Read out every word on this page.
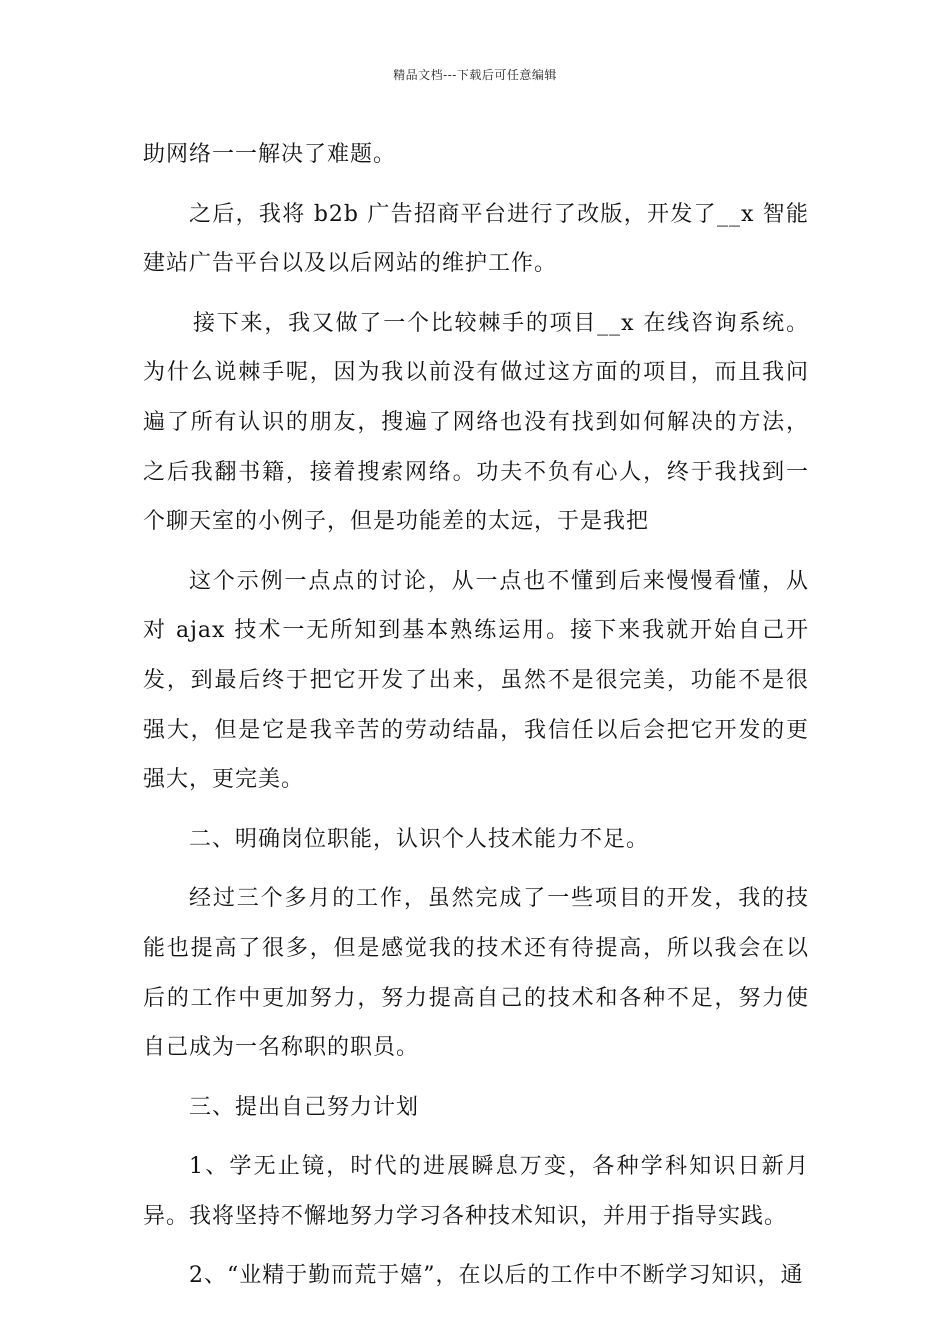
精品文档---下载后可任意编辑

助网络一一解决了难题。

之后，我将 b2b 广告招商平台进行了改版，开发了__x 智能建站广告平台以及以后网站的维护工作。

接下来，我又做了一个比较棘手的项目__x 在线咨询系统。为什么说棘手呢，因为我以前没有做过这方面的项目，而且我问遍了所有认识的朋友，搜遍了网络也没有找到如何解决的方法，之后我翻书籍，接着搜索网络。功夫不负有心人，终于我找到一个聊天室的小例子，但是功能差的太远，于是我把

这个示例一点点的讨论，从一点也不懂到后来慢慢看懂，从对 ajax 技术一无所知到基本熟练运用。接下来我就开始自己开发，到最后终于把它开发了出来，虽然不是很完美，功能不是很强大，但是它是我辛苦的劳动结晶，我信任以后会把它开发的更强大，更完美。

二、明确岗位职能，认识个人技术能力不足。

经过三个多月的工作，虽然完成了一些项目的开发，我的技能也提高了很多，但是感觉我的技术还有待提高，所以我会在以后的工作中更加努力，努力提高自己的技术和各种不足，努力使自己成为一名称职的职员。

三、提出自己努力计划

1、学无止镜，时代的进展瞬息万变，各种学科知识日新月异。我将坚持不懈地努力学习各种技术知识，并用于指导实践。

2、“业精于勤而荒于嬉”，在以后的工作中不断学习知识，通
